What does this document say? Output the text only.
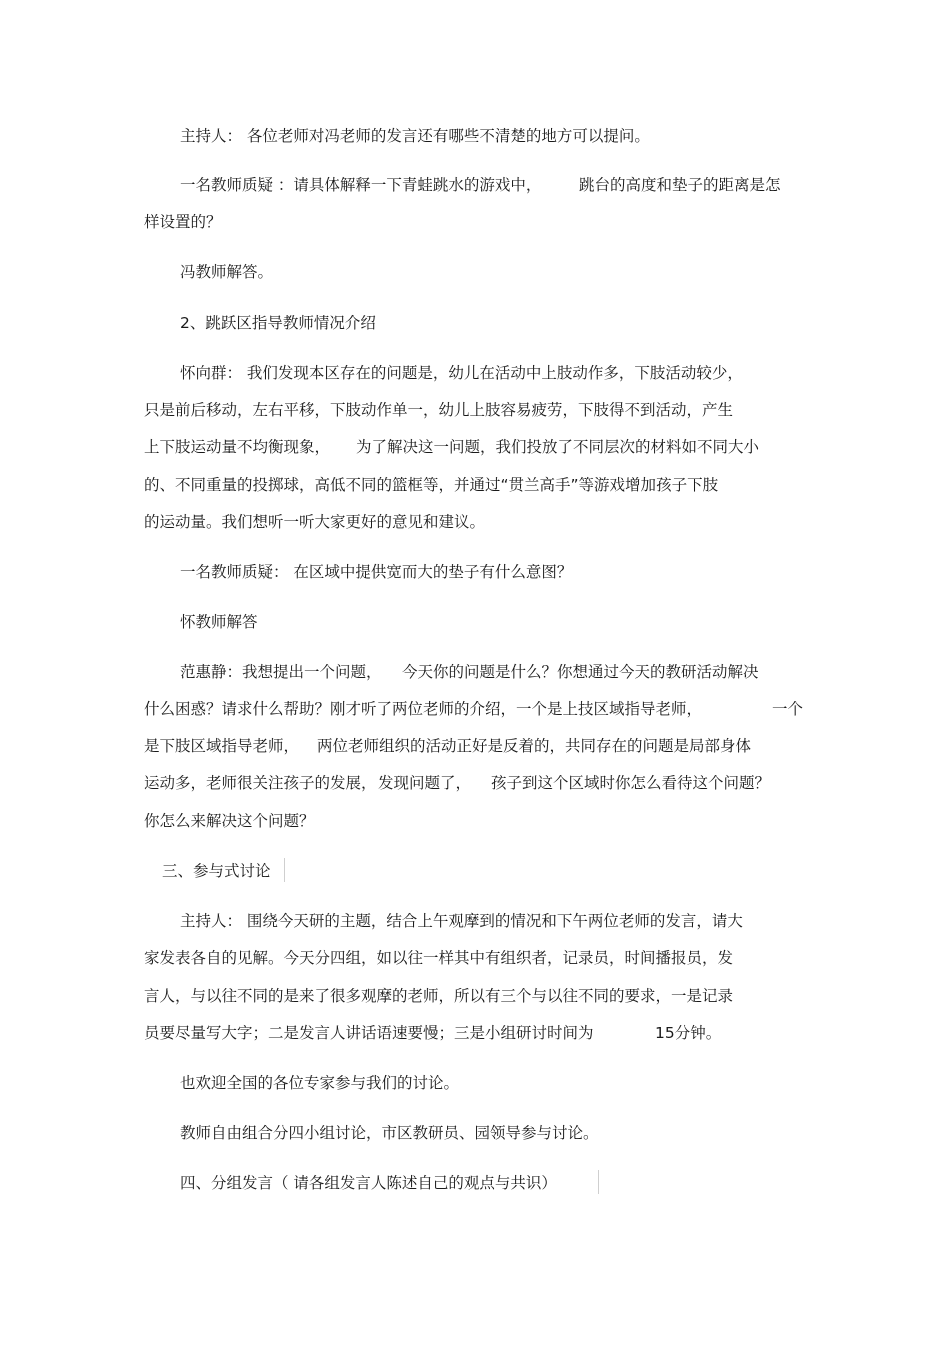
主持人： 各位老师对冯老师的发言还有哪些不清楚的地方可以提问。
一名教师质疑 ：请具体解释一下青蛙跳水的游戏中， 跳台的高度和垫子的距离是怎
样设置的？
冯教师解答。
2、跳跃区指导教师情况介绍
怀向群： 我们发现本区存在的问题是，幼儿在活动中上肢动作多，下肢活动较少，
只是前后移动，左右平移，下肢动作单一，幼儿上肢容易疲劳，下肢得不到活动，产生
上下肢运动量不均衡现象， 为了解决这一问题，我们投放了不同层次的材料如不同大小
的、不同重量的投掷球，高低不同的篮框等，并通过“贯兰高手”等游戏增加孩子下肢
的运动量。我们想听一听大家更好的意见和建议。
一名教师质疑： 在区域中提供宽而大的垫子有什么意图？
怀教师解答
范惠静：我想提出一个问题， 今天你的问题是什么？你想通过今天的教研活动解决
什么困惑？请求什么帮助？刚才听了两位老师的介绍，一个是上技区域指导老师，	一个
是下肢区域指导老师， 两位老师组织的活动正好是反着的，共同存在的问题是局部身体
运动多，老师很关注孩子的发展， 发现问题了， 孩子到这个区域时你怎么看待这个问题？
你怎么来解决这个问题？
三、参与式讨论
主持人： 围绕今天研的主题，结合上午观摩到的情况和下午两位老师的发言，请大
家发表各自的见解。今天分四组，如以往一样其中有组织者，记录员，时间播报员，发
言人，与以往不同的是来了很多观摩的老师，所以有三个与以往不同的要求，一是记录
员要尽量写大字；二是发言人讲话语速要慢；三是小组研讨时间为	15分钟。
也欢迎全国的各位专家参与我们的讨论。
教师自由组合分四小组讨论，市区教研员、园领导参与讨论。
四、分组发言（ 请各组发言人陈述自己的观点与共识）
